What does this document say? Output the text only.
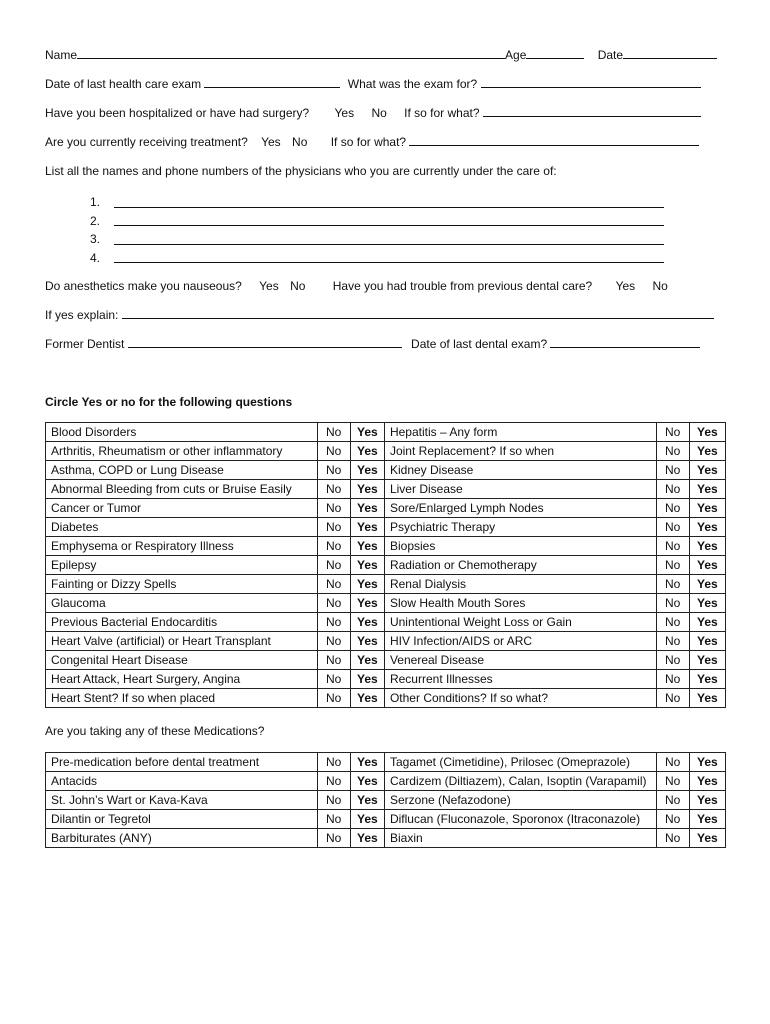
Name	Age	Date
Date of last health care exam	What was the exam for?
Have you been hospitalized or have had surgery? Yes No If so for what?
Are you currently receiving treatment? Yes No If so for what?
List all the names and phone numbers of the physicians who you are currently under the care of:
1.
2.
3.
4.
Do anesthetics make you nauseous? Yes No Have you had trouble from previous dental care? Yes No
If yes explain:
Former Dentist	Date of last dental exam?
Circle Yes or no for the following questions
Blood Disorders	No	Yes	Hepatitis – Any form	No	Yes
Arthritis, Rheumatism or other inflammatory	No	Yes	Joint Replacement? If so when	No	Yes
Asthma, COPD or Lung Disease	No	Yes	Kidney Disease	No	Yes
Abnormal Bleeding from cuts or Bruise Easily	No	Yes	Liver Disease	No	Yes
Cancer or Tumor	No	Yes	Sore/Enlarged Lymph Nodes	No	Yes
Diabetes	No	Yes	Psychiatric Therapy	No	Yes
Emphysema or Respiratory Illness	No	Yes	Biopsies	No	Yes
Epilepsy	No	Yes	Radiation or Chemotherapy	No	Yes
Fainting or Dizzy Spells	No	Yes	Renal Dialysis	No	Yes
Glaucoma	No	Yes	Slow Health Mouth Sores	No	Yes
Previous Bacterial Endocarditis	No	Yes	Unintentional Weight Loss or Gain	No	Yes
Heart Valve (artificial) or Heart Transplant	No	Yes	HIV Infection/AIDS or ARC	No	Yes
Congenital Heart Disease	No	Yes	Venereal Disease	No	Yes
Heart Attack, Heart Surgery, Angina	No	Yes	Recurrent Illnesses	No	Yes
Heart Stent? If so when placed	No	Yes	Other Conditions? If so what?	No	Yes
Are you taking any of these Medications?
Pre-medication before dental treatment	No	Yes	Tagamet (Cimetidine), Prilosec (Omeprazole)	No	Yes
Antacids	No	Yes	Cardizem (Diltiazem), Calan, Isoptin (Varapamil)	No	Yes
St. John’s Wart or Kava-Kava	No	Yes	Serzone (Nefazodone)	No	Yes
Dilantin or Tegretol	No	Yes	Diflucan (Fluconazole, Sporonox (Itraconazole)	No	Yes
Barbiturates (ANY)	No	Yes	Biaxin	No	Yes
